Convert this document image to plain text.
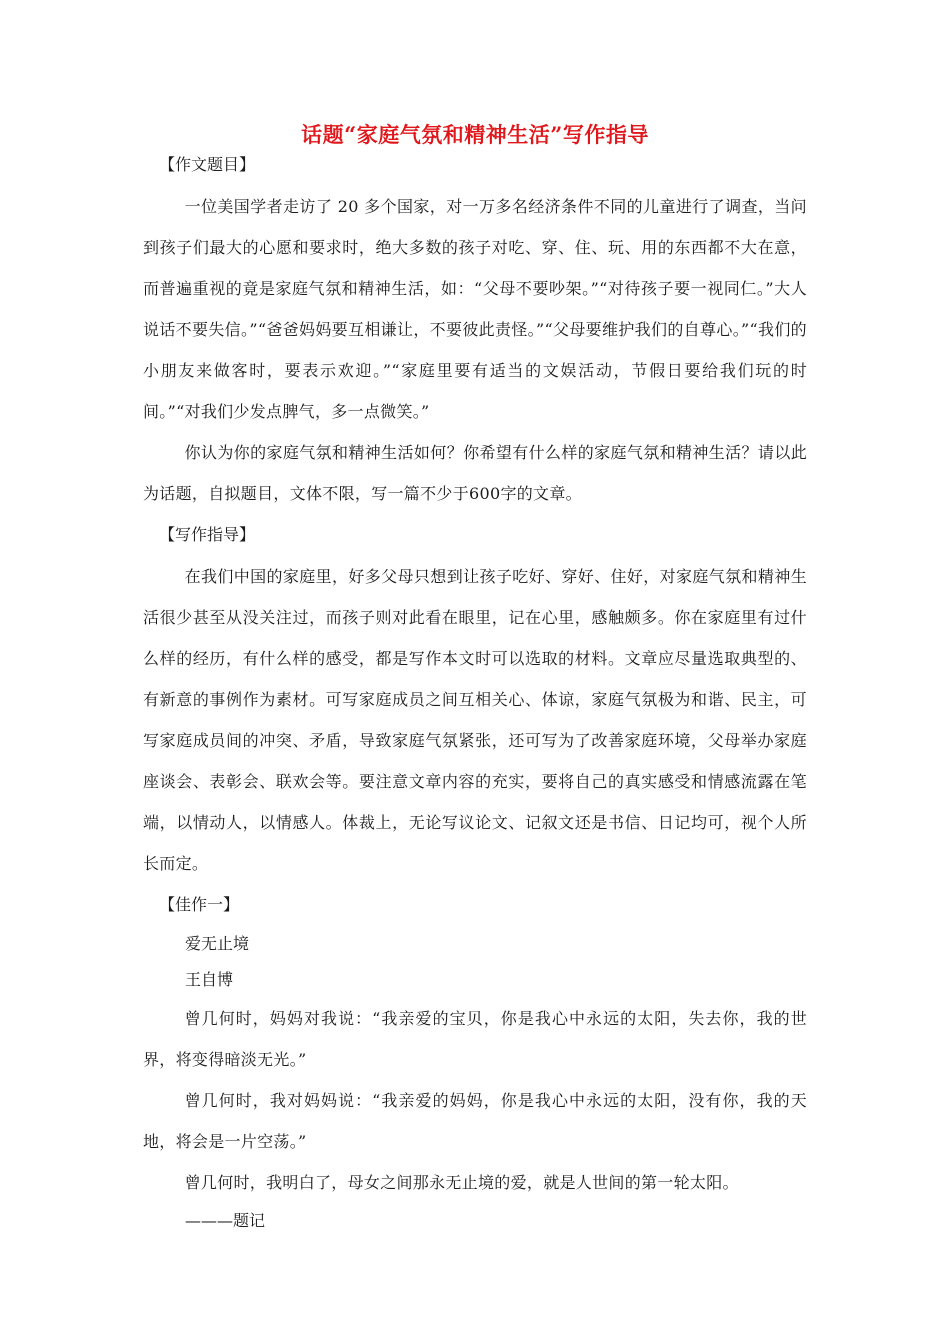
话题“家庭气氛和精神生活”写作指导
【作文题目】

一位美国学者走访了 20 多个国家，对一万多名经济条件不同的儿童进行了调查，当问到孩子们最大的心愿和要求时，绝大多数的孩子对吃、穿、住、玩、用的东西都不大在意，而普遍重视的竟是家庭气氛和精神生活，如：“父母不要吵架。”“对待孩子要一视同仁。”大人说话不要失信。”“爸爸妈妈要互相谦让，不要彼此责怪。”“父母要维护我们的自尊心。”“我们的小朋友来做客时，要表示欢迎。”“家庭里要有适当的文娱活动，节假日要给我们玩的时间。”“对我们少发点脾气，多一点微笑。”

你认为你的家庭气氛和精神生活如何？你希望有什么样的家庭气氛和精神生活？请以此为话题，自拟题目，文体不限，写一篇不少于600字的文章。

【写作指导】

在我们中国的家庭里，好多父母只想到让孩子吃好、穿好、住好，对家庭气氛和精神生活很少甚至从没关注过，而孩子则对此看在眼里，记在心里，感触颇多。你在家庭里有过什么样的经历，有什么样的感受，都是写作本文时可以选取的材料。文章应尽量选取典型的、有新意的事例作为素材。可写家庭成员之间互相关心、体谅，家庭气氛极为和谐、民主，可写家庭成员间的冲突、矛盾，导致家庭气氛紧张，还可写为了改善家庭环境，父母举办家庭座谈会、表彰会、联欢会等。要注意文章内容的充实，要将自己的真实感受和情感流露在笔端，以情动人，以情感人。体裁上，无论写议论文、记叙文还是书信、日记均可，视个人所长而定。

【佳作一】
爱无止境
王自博

曾几何时，妈妈对我说：“我亲爱的宝贝，你是我心中永远的太阳，失去你，我的世界，将变得暗淡无光。”

曾几何时，我对妈妈说：“我亲爱的妈妈，你是我心中永远的太阳，没有你，我的天地，将会是一片空荡。”

曾几何时，我明白了，母女之间那永无止境的爱，就是人世间的第一轮太阳。

———题记
